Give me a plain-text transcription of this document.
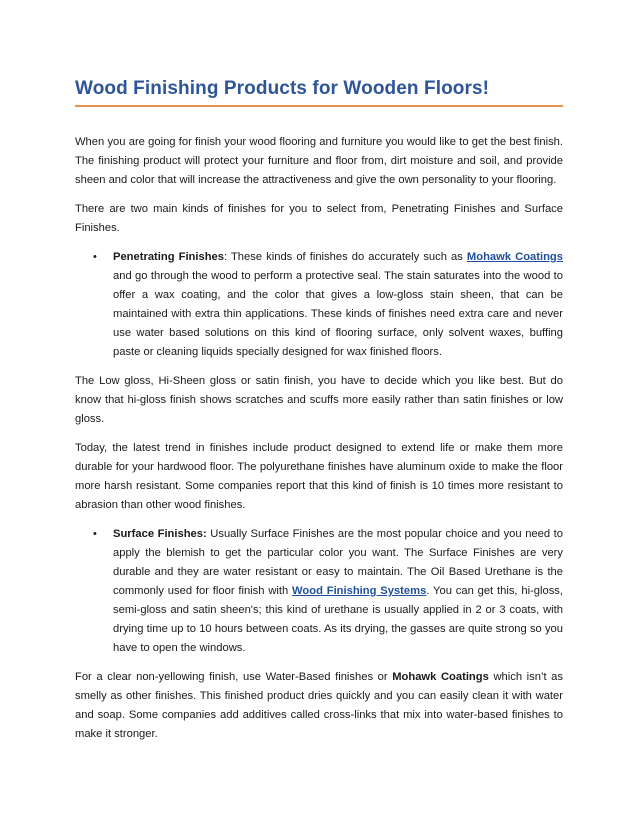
Wood Finishing Products for Wooden Floors!

When you are going for finish your wood flooring and furniture you would like to get the best finish. The finishing product will protect your furniture and floor from, dirt moisture and soil, and provide sheen and color that will increase the attractiveness and give the own personality to your flooring.

There are two main kinds of finishes for you to select from, Penetrating Finishes and Surface Finishes.

• Penetrating Finishes: These kinds of finishes do accurately such as Mohawk Coatings and go through the wood to perform a protective seal. The stain saturates into the wood to offer a wax coating, and the color that gives a low-gloss stain sheen, that can be maintained with extra thin applications. These kinds of finishes need extra care and never use water based solutions on this kind of flooring surface, only solvent waxes, buffing paste or cleaning liquids specially designed for wax finished floors.

The Low gloss, Hi-Sheen gloss or satin finish, you have to decide which you like best. But do know that hi-gloss finish shows scratches and scuffs more easily rather than satin finishes or low gloss.

Today, the latest trend in finishes include product designed to extend life or make them more durable for your hardwood floor. The polyurethane finishes have aluminum oxide to make the floor more harsh resistant. Some companies report that this kind of finish is 10 times more resistant to abrasion than other wood finishes.

• Surface Finishes: Usually Surface Finishes are the most popular choice and you need to apply the blemish to get the particular color you want. The Surface Finishes are very durable and they are water resistant or easy to maintain. The Oil Based Urethane is the commonly used for floor finish with Wood Finishing Systems. You can get this, hi-gloss, semi-gloss and satin sheen's; this kind of urethane is usually applied in 2 or 3 coats, with drying time up to 10 hours between coats. As its drying, the gasses are quite strong so you have to open the windows.

For a clear non-yellowing finish, use Water-Based finishes or Mohawk Coatings which isn’t as smelly as other finishes. This finished product dries quickly and you can easily clean it with water and soap. Some companies add additives called cross-links that mix into water-based finishes to make it stronger.
